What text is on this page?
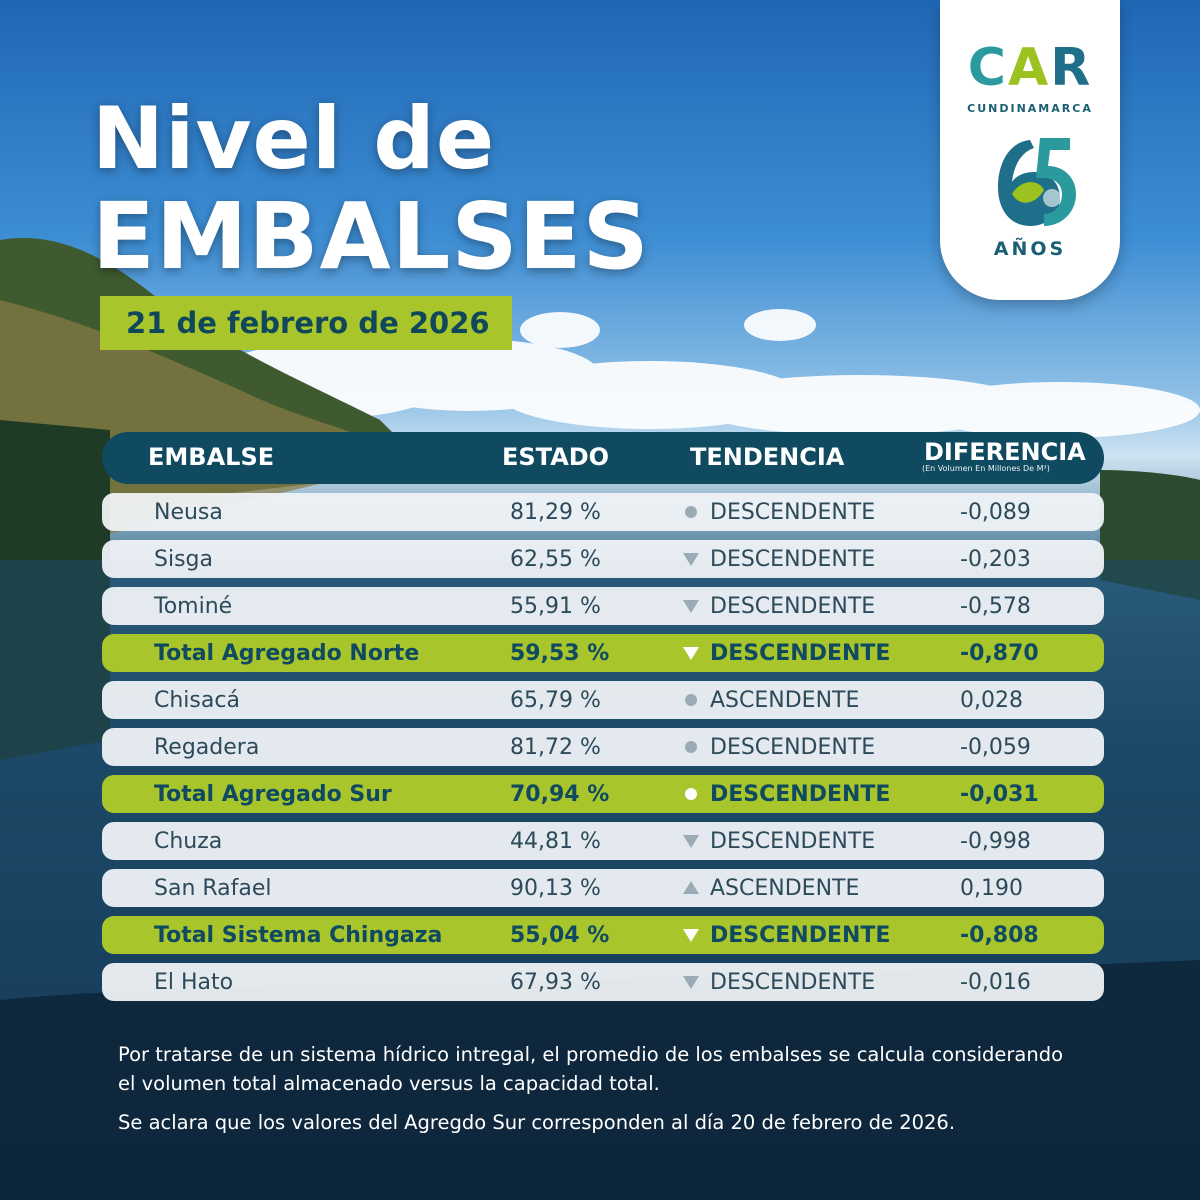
Nivel de
EMBALSES
21 de febrero de 2026
CAR
CUNDINAMARCA
AÑOS
EMBALSE	ESTADO	TENDENCIA	DIFERENCIA
(En Volumen En Millones De M³)
Neusa	81,29 %	DESCENDENTE	-0,089
Sisga	62,55 %	DESCENDENTE	-0,203
Tominé	55,91 %	DESCENDENTE	-0,578
Total Agregado Norte	59,53 %	DESCENDENTE	-0,870
Chisacá	65,79 %	ASCENDENTE	0,028
Regadera	81,72 %	DESCENDENTE	-0,059
Total Agregado Sur	70,94 %	DESCENDENTE	-0,031
Chuza	44,81 %	DESCENDENTE	-0,998
San Rafael	90,13 %	ASCENDENTE	0,190
Total Sistema Chingaza	55,04 %	DESCENDENTE	-0,808
El Hato	67,93 %	DESCENDENTE	-0,016

Por tratarse de un sistema hídrico intregal, el promedio de los embalses se calcula considerando el volumen total almacenado versus la capacidad total.

Se aclara que los valores del Agregdo Sur corresponden al día 20 de febrero de 2026.
